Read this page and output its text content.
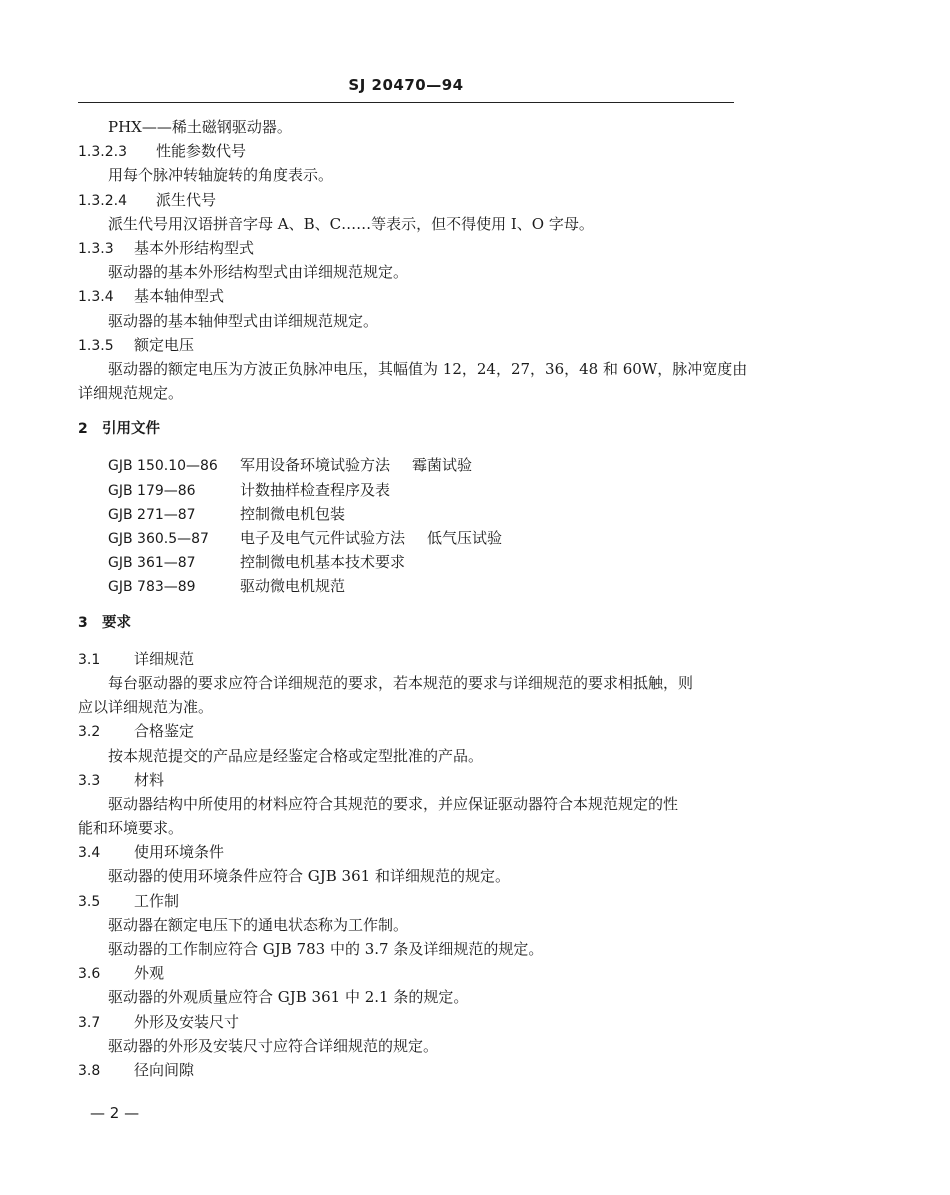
SJ 20470—94
PHX——稀土磁钢驱动器。
1.3.2.3 性能参数代号
用每个脉冲转轴旋转的角度表示。
1.3.2.4 派生代号
派生代号用汉语拼音字母 A、B、C……等表示，但不得使用 I、O 字母。
1.3.3 基本外形结构型式
驱动器的基本外形结构型式由详细规范规定。
1.3.4 基本轴伸型式
驱动器的基本轴伸型式由详细规范规定。
1.3.5 额定电压
驱动器的额定电压为方波正负脉冲电压，其幅值为 12，24，27，36，48 和 60W，脉冲宽度由
详细规范规定。
2 引用文件
GJB 150.10—86 军用设备环境试验方法 霉菌试验
GJB 179—86	计数抽样检查程序及表
GJB 271—87	控制微电机包装
GJB 360.5—87 电子及电气元件试验方法 低气压试验
GJB 361—87	控制微电机基本技术要求
GJB 783—89	驱动微电机规范
3 要求
3.1 详细规范
每台驱动器的要求应符合详细规范的要求，若本规范的要求与详细规范的要求相抵触，则
应以详细规范为准。
3.2 合格鉴定
按本规范提交的产品应是经鉴定合格或定型批准的产品。
3.3 材料
驱动器结构中所使用的材料应符合其规范的要求，并应保证驱动器符合本规范规定的性
能和环境要求。
3.4 使用环境条件
驱动器的使用环境条件应符合 GJB 361 和详细规范的规定。
3.5 工作制
驱动器在额定电压下的通电状态称为工作制。
驱动器的工作制应符合 GJB 783 中的 3.7 条及详细规范的规定。
3.6 外观
驱动器的外观质量应符合 GJB 361 中 2.1 条的规定。
3.7 外形及安装尺寸
驱动器的外形及安装尺寸应符合详细规范的规定。
3.8 径向间隙
— 2 —
